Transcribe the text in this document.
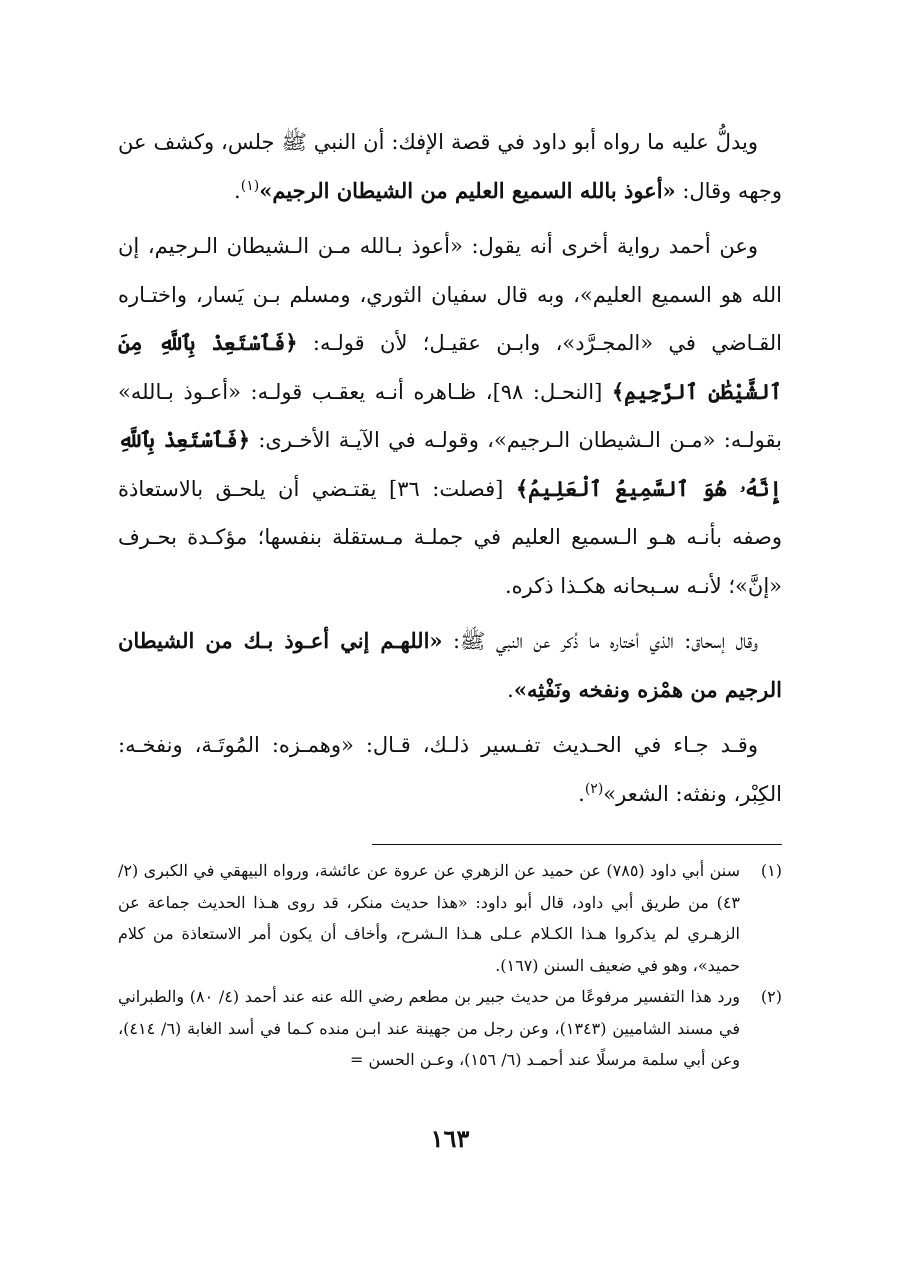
ويدلُّ عليه ما رواه أبو داود في قصة الإفك: أن النبي ﷺ جلس، وكشف عن وجهه وقال: «أعوذ بالله السميع العليم من الشيطان الرجيم»$^{(١)}$.

وعن أحمد رواية أخرى أنه يقول: «أعوذ بـالله مـن الـشيطان الـرجيم، إن الله هو السميع العليم»، وبه قال سفيان الثوري، ومسلم بـن يَسار، واختـاره القـاضي في «المجـرَّد»، وابـن عقيـل؛ لأن قولـه: ﴿فَٱسْتَعِذْ بِٱللَّهِ مِنَ ٱلشَّيْطَٰنِ ٱلرَّجِيمِ﴾ [النحـل: ٩٨]، ظـاهره أنـه يعقـب قولـه: «أعـوذ بـالله» بقولـه: «مـن الـشيطان الـرجيم»، وقولـه في الآيـة الأخـرى: ﴿فَٱسْتَعِذْ بِٱللَّهِ إِنَّهُۥ هُوَ ٱلسَّمِيعُ ٱلْعَلِيمُ﴾ [فصلت: ٣٦] يقتـضي أن يلحـق بالاستعاذة وصفه بأنـه هـو الـسميع العليم في جملـة مـستقلة بنفسها؛ مؤكـدة بحـرف «إنَّ»؛ لأنـه سـبحانه هكـذا ذكره.

وقال إسحاق: الذي أختاره ما ذُكر عن النبي ﷺ: «اللهـم إني أعـوذ بـك من الشيطان الرجيم من همْزه ونفخه ونَفْثِه».

وقـد جـاء في الحـديث تفـسير ذلـك، قـال: «وهمـزه: المُوتَـة، ونفخـه: الكِبْر، ونفثه: الشعر»$^{(٢)}$.

(١)
سنن أبي داود (٧٨٥) عن حميد عن الزهري عن عروة عن عائشة، ورواه البيهقي في الكبرى (٢/ ٤٣) من طريق أبي داود، قال أبو داود: «هذا حديث منكر، قد روى هـذا الحديث جماعة عن الزهـري لم يذكروا هـذا الكـلام عـلى هـذا الـشرح، وأخاف أن يكون أمر الاستعاذة من كلام حميد»، وهو في ضعيف السنن (١٦٧).
(٢)
ورد هذا التفسير مرفوعًا من حديث جبير بن مطعم رضي الله عنه عند أحمد (٤/ ٨٠) والطبراني في مسند الشاميين (١٣٤٣)، وعن رجل من جهينة عند ابـن منده كـما في أسد الغابة (٦/ ٤١٤)، وعن أبي سلمة مرسلًا عند أحمـد (٦/ ١٥٦)، وعـن الحسن =
١٦٣
